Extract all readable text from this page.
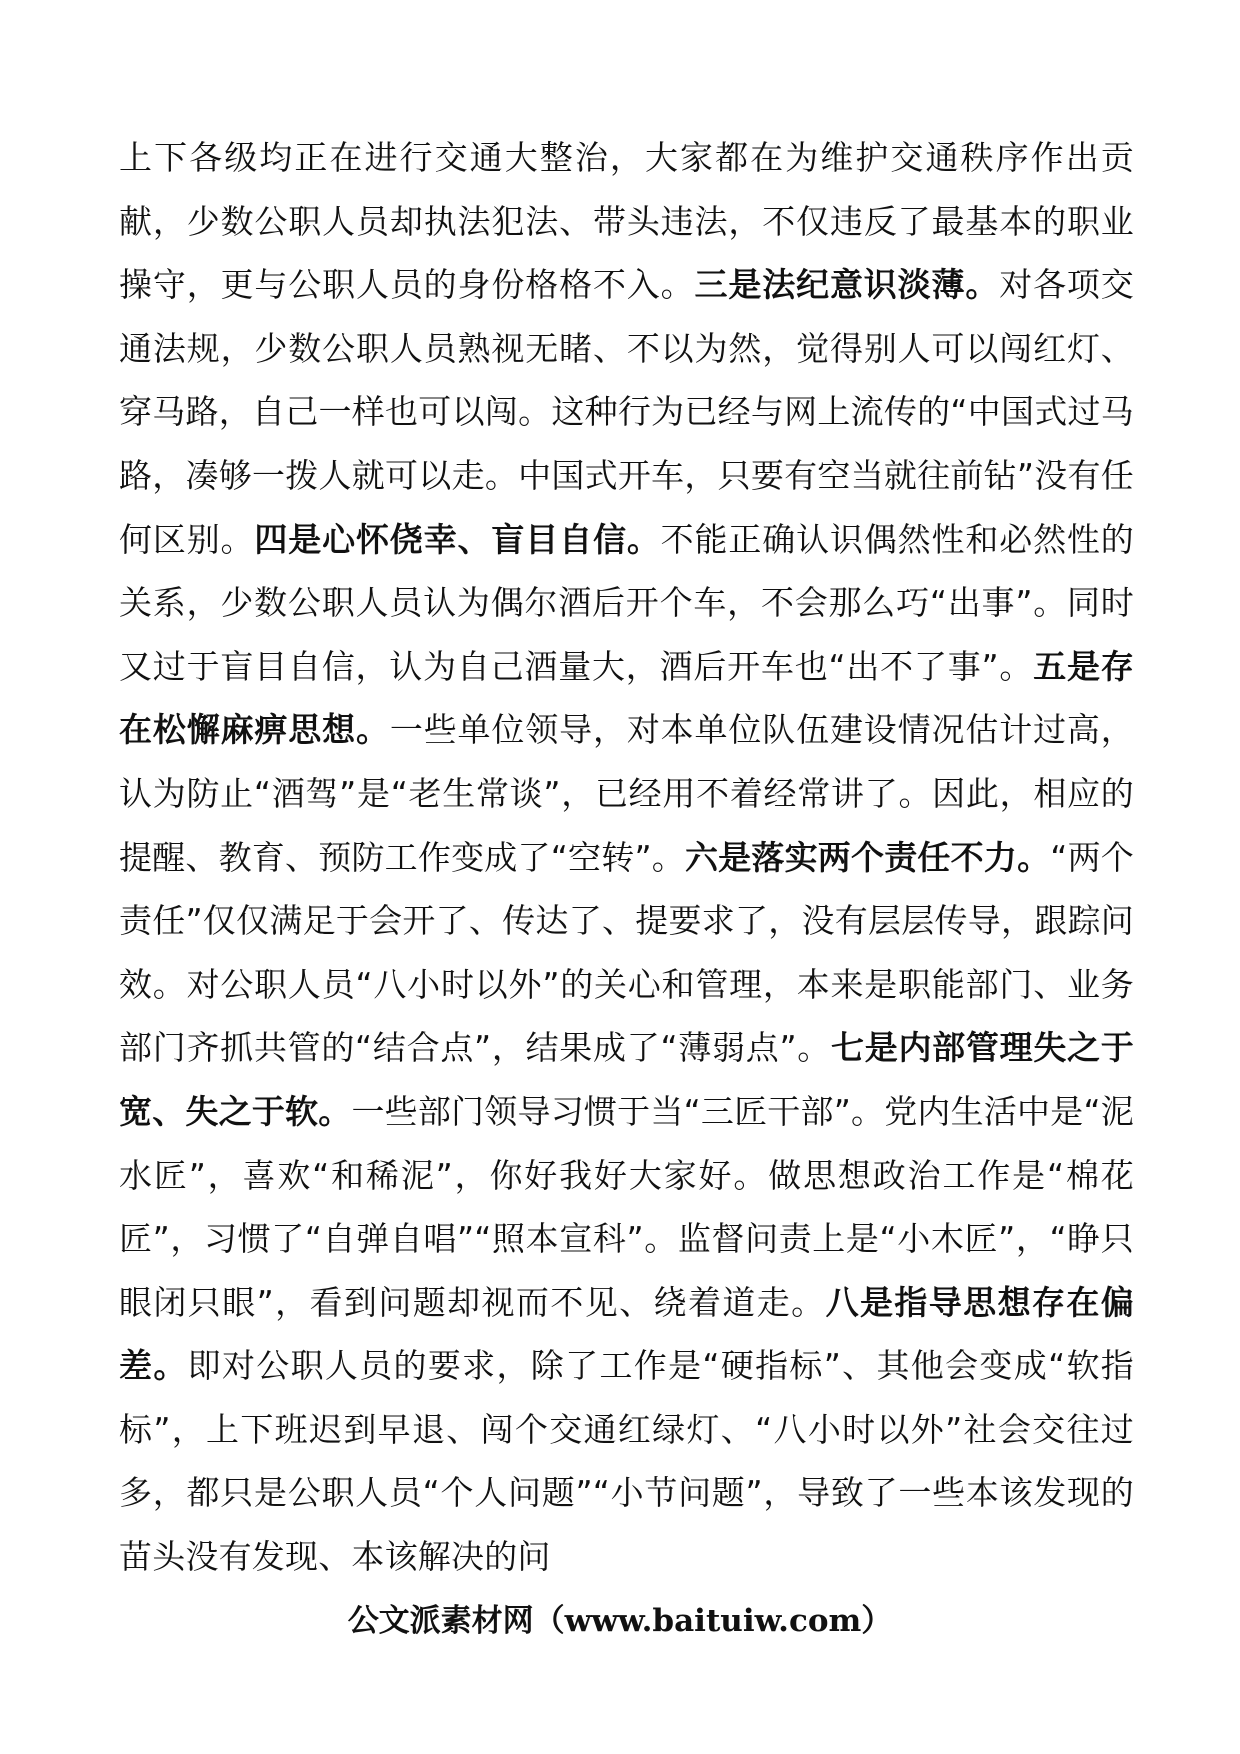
上下各级均正在进行交通大整治，大家都在为维护交通秩序作出贡献，少数公职人员却执法犯法、带头违法，不仅违反了最基本的职业操守，更与公职人员的身份格格不入。三是法纪意识淡薄。对各项交通法规，少数公职人员熟视无睹、不以为然，觉得别人可以闯红灯、穿马路，自己一样也可以闯。这种行为已经与网上流传的“中国式过马路，凑够一拨人就可以走。中国式开车，只要有空当就往前钻”没有任何区别。四是心怀侥幸、盲目自信。不能正确认识偶然性和必然性的关系，少数公职人员认为偶尔酒后开个车，不会那么巧“出事”。同时又过于盲目自信，认为自己酒量大，酒后开车也“出不了事”。五是存在松懈麻痹思想。一些单位领导，对本单位队伍建设情况估计过高，认为防止“酒驾”是“老生常谈”，已经用不着经常讲了。因此，相应的提醒、教育、预防工作变成了“空转”。六是落实两个责任不力。“两个责任”仅仅满足于会开了、传达了、提要求了，没有层层传导，跟踪问效。对公职人员“八小时以外”的关心和管理，本来是职能部门、业务部门齐抓共管的“结合点”，结果成了“薄弱点”。七是内部管理失之于宽、失之于软。一些部门领导习惯于当“三匠干部”。党内生活中是“泥水匠”，喜欢“和稀泥”，你好我好大家好。做思想政治工作是“棉花匠”，习惯了“自弹自唱”“照本宣科”。监督问责上是“小木匠”，“睁只眼闭只眼”，看到问题却视而不见、绕着道走。八是指导思想存在偏差。即对公职人员的要求，除了工作是“硬指标”、其他会变成“软指标”，上下班迟到早退、闯个交通红绿灯、“八小时以外”社会交往过多，都只是公职人员“个人问题”“小节问题”，导致了一些本该发现的苗头没有发现、本该解决的问

公文派素材网（www.baituiw.com）
